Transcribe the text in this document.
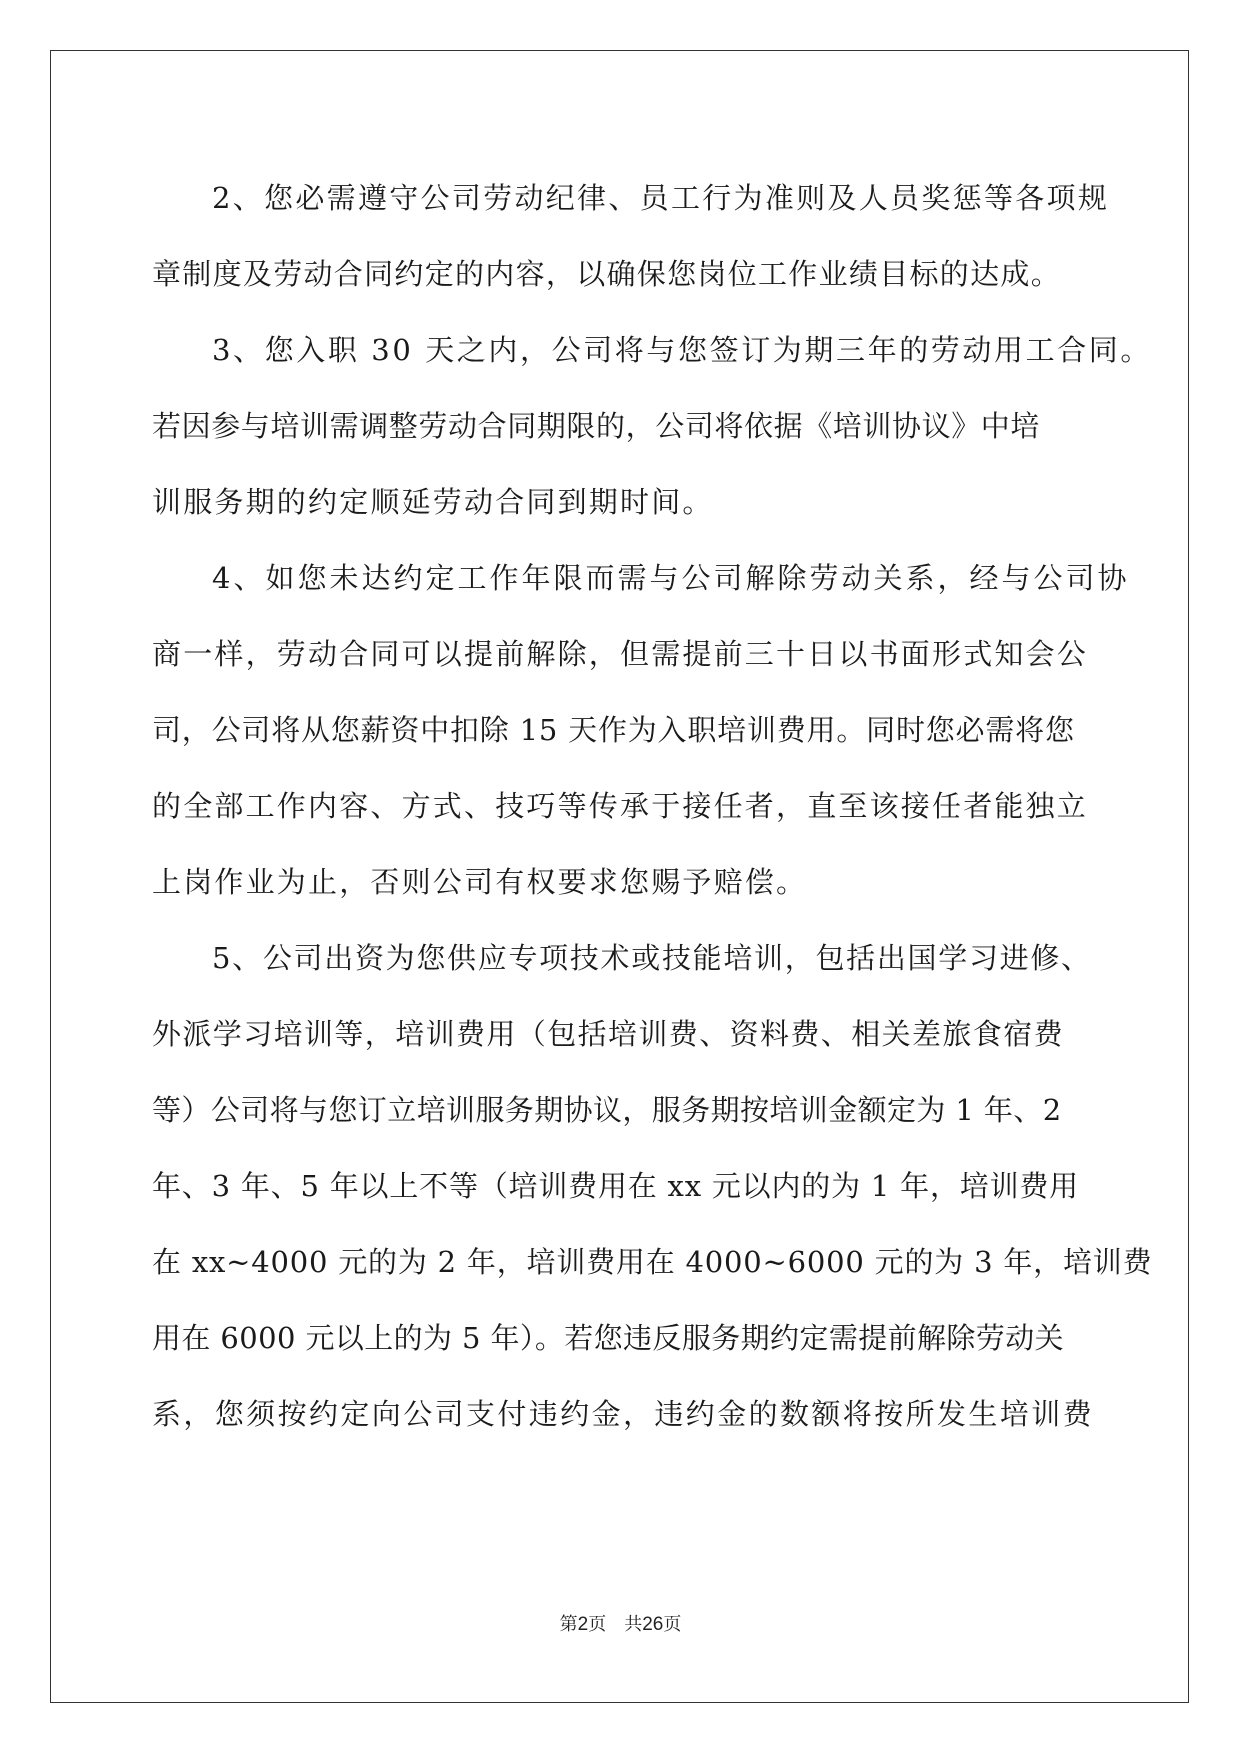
2、您必需遵守公司劳动纪律、员工行为准则及人员奖惩等各项规
章制度及劳动合同约定的内容，以确保您岗位工作业绩目标的达成。
3、您入职 30 天之内，公司将与您签订为期三年的劳动用工合同。
若因参与培训需调整劳动合同期限的，公司将依据《培训协议》中培
训服务期的约定顺延劳动合同到期时间。
4、如您未达约定工作年限而需与公司解除劳动关系，经与公司协
商一样，劳动合同可以提前解除，但需提前三十日以书面形式知会公
司，公司将从您薪资中扣除 15 天作为入职培训费用。同时您必需将您
的全部工作内容、方式、技巧等传承于接任者，直至该接任者能独立
上岗作业为止，否则公司有权要求您赐予赔偿。
5、公司出资为您供应专项技术或技能培训，包括出国学习进修、
外派学习培训等，培训费用（包括培训费、资料费、相关差旅食宿费
等）公司将与您订立培训服务期协议，服务期按培训金额定为 1 年、2
年、3 年、5 年以上不等（培训费用在 xx 元以内的为 1 年，培训费用
在 xx~4000 元的为 2 年，培训费用在 4000~6000 元的为 3 年，培训费
用在 6000 元以上的为 5 年）。若您违反服务期约定需提前解除劳动关
系，您须按约定向公司支付违约金，违约金的数额将按所发生培训费
第2页 共26页
